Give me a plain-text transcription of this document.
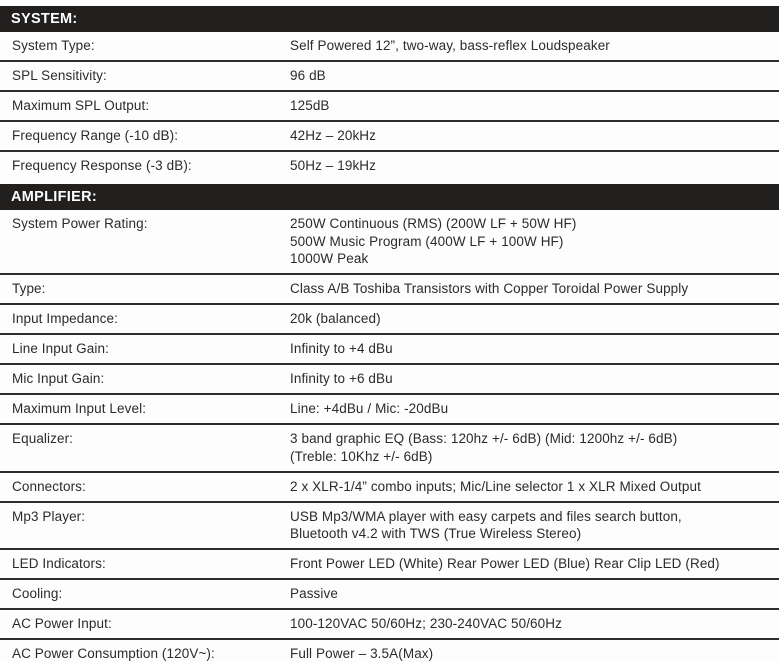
SYSTEM:
System Type:	Self Powered 12”, two-way, bass-reflex Loudspeaker
SPL Sensitivity:	96 dB
Maximum SPL Output:	125dB
Frequency Range (-10 dB):	42Hz – 20kHz
Frequency Response (-3 dB):	50Hz – 19kHz
AMPLIFIER:
System Power Rating:	250W Continuous (RMS) (200W LF + 50W HF)
500W Music Program (400W LF + 100W HF)
1000W Peak
Type:	Class A/B Toshiba Transistors with Copper Toroidal Power Supply
Input Impedance:	20k (balanced)
Line Input Gain:	Infinity to +4 dBu
Mic Input Gain:	Infinity to +6 dBu
Maximum Input Level:	Line: +4dBu / Mic: -20dBu
Equalizer:	3 band graphic EQ (Bass: 120hz +/- 6dB) (Mid: 1200hz +/- 6dB)
(Treble: 10Khz +/- 6dB)
Connectors:	2 x XLR-1/4” combo inputs; Mic/Line selector 1 x XLR Mixed Output
Mp3 Player:	USB Mp3/WMA player with easy carpets and files search button,
Bluetooth v4.2 with TWS (True Wireless Stereo)
LED Indicators:	Front Power LED (White) Rear Power LED (Blue) Rear Clip LED (Red)
Cooling:	Passive
AC Power Input:	100-120VAC 50/60Hz; 230-240VAC 50/60Hz
AC Power Consumption (120V~):	Full Power – 3.5A(Max)
